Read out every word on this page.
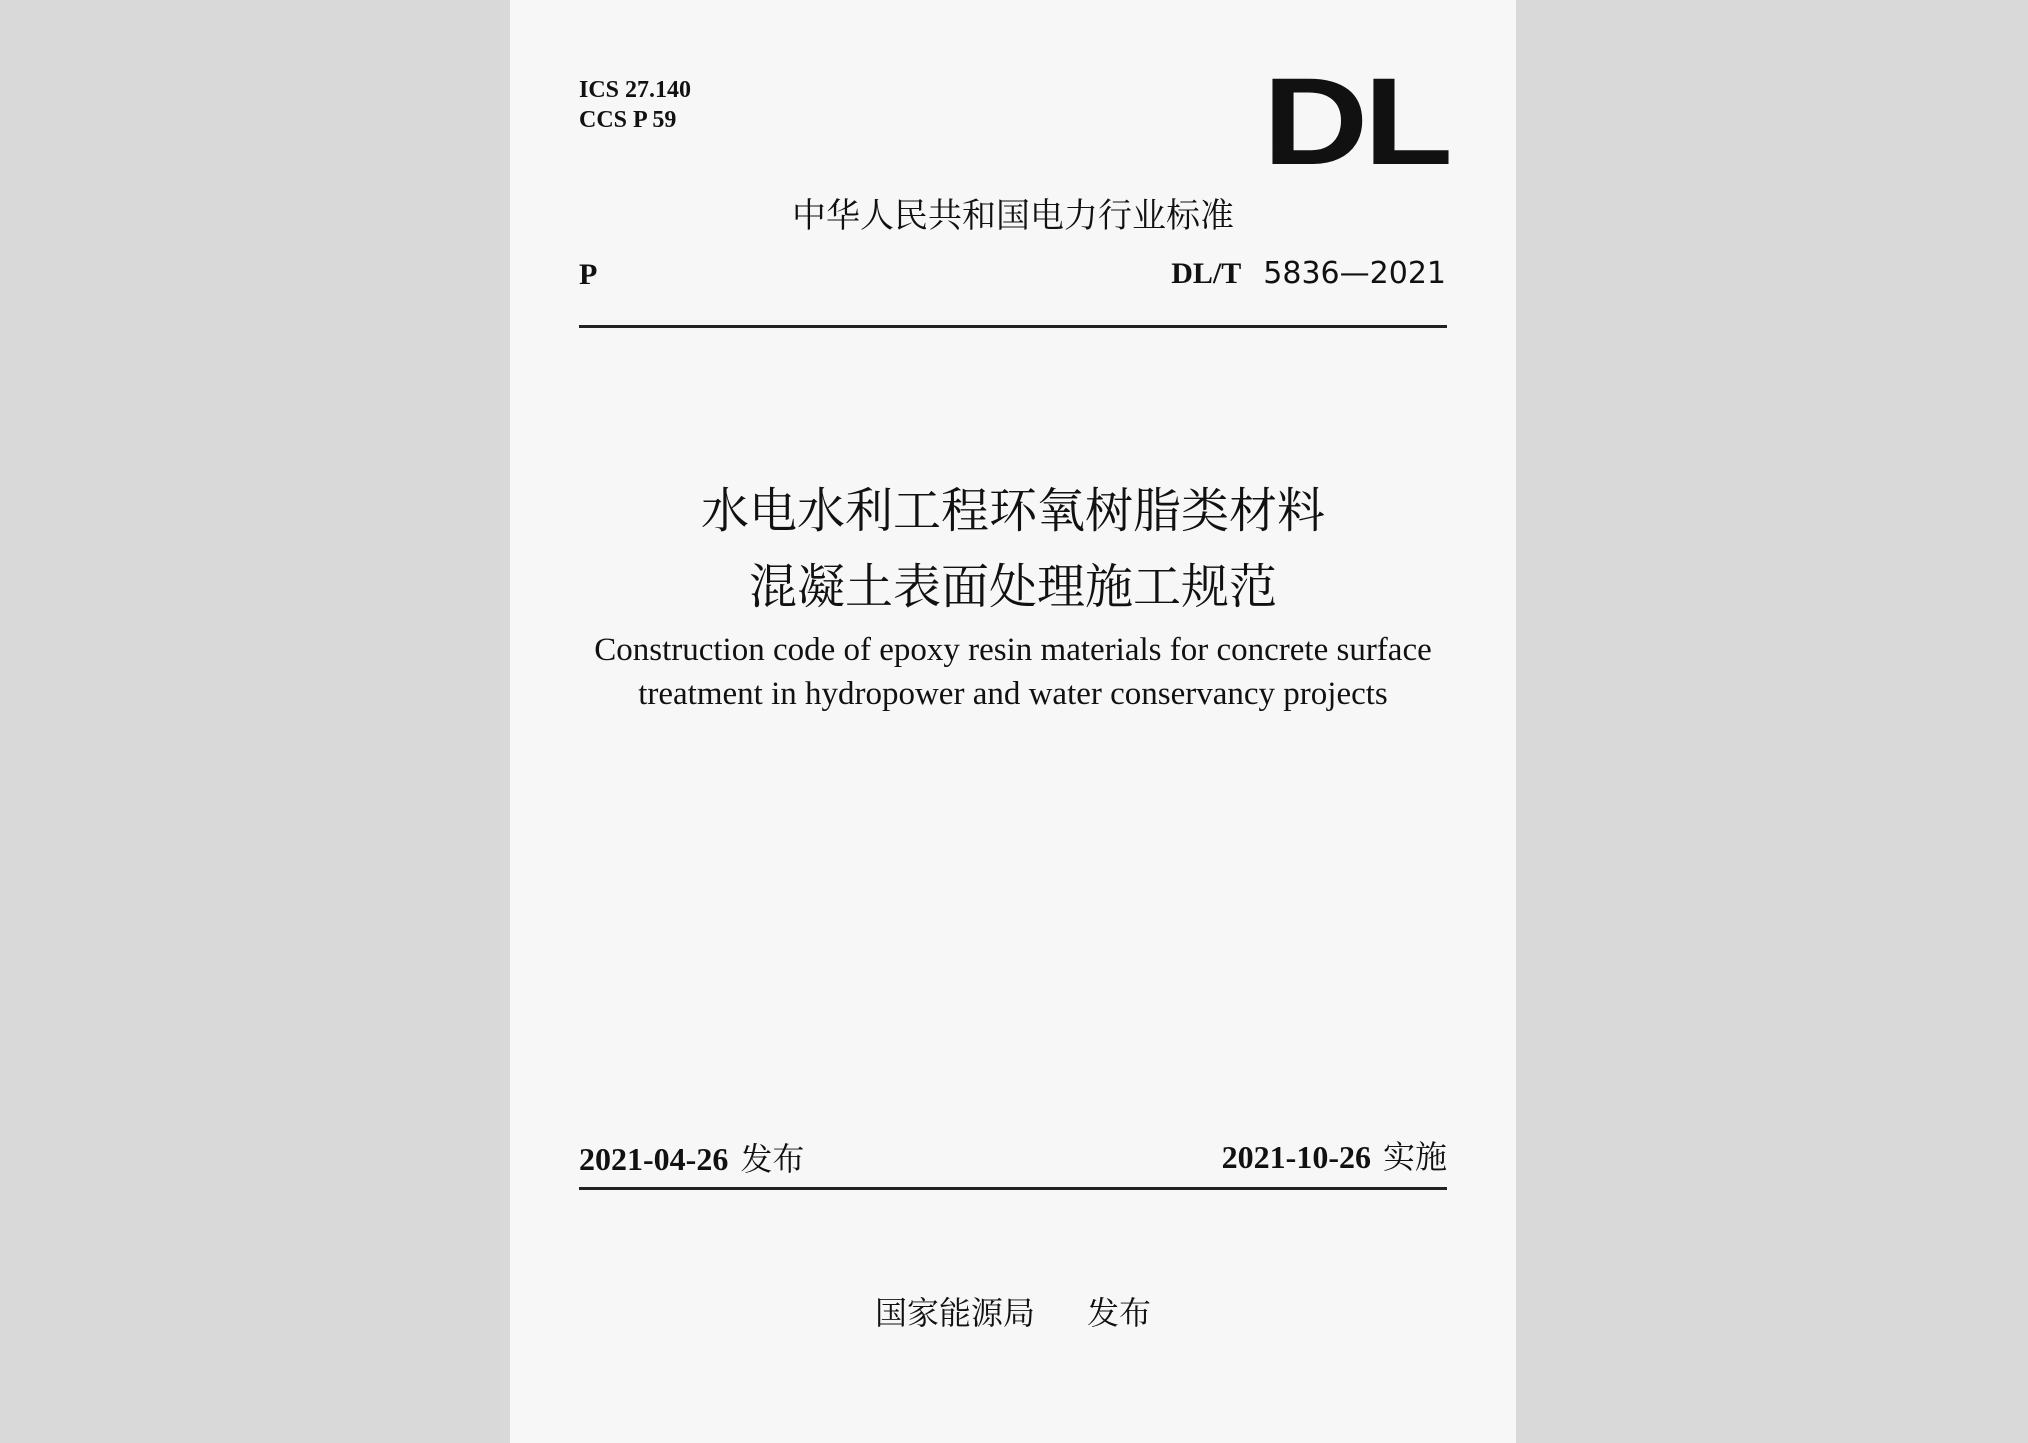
ICS 27.140
CCS P 59	DL
中华人民共和国电力行业标准
P	DL/T 5836—2021
水电水利工程环氧树脂类材料
混凝土表面处理施工规范
Construction code of epoxy resin materials for concrete surface
treatment in hydropower and water conservancy projects
2021-04-26 发布	2021-10-26 实施
国家能源局 发布
